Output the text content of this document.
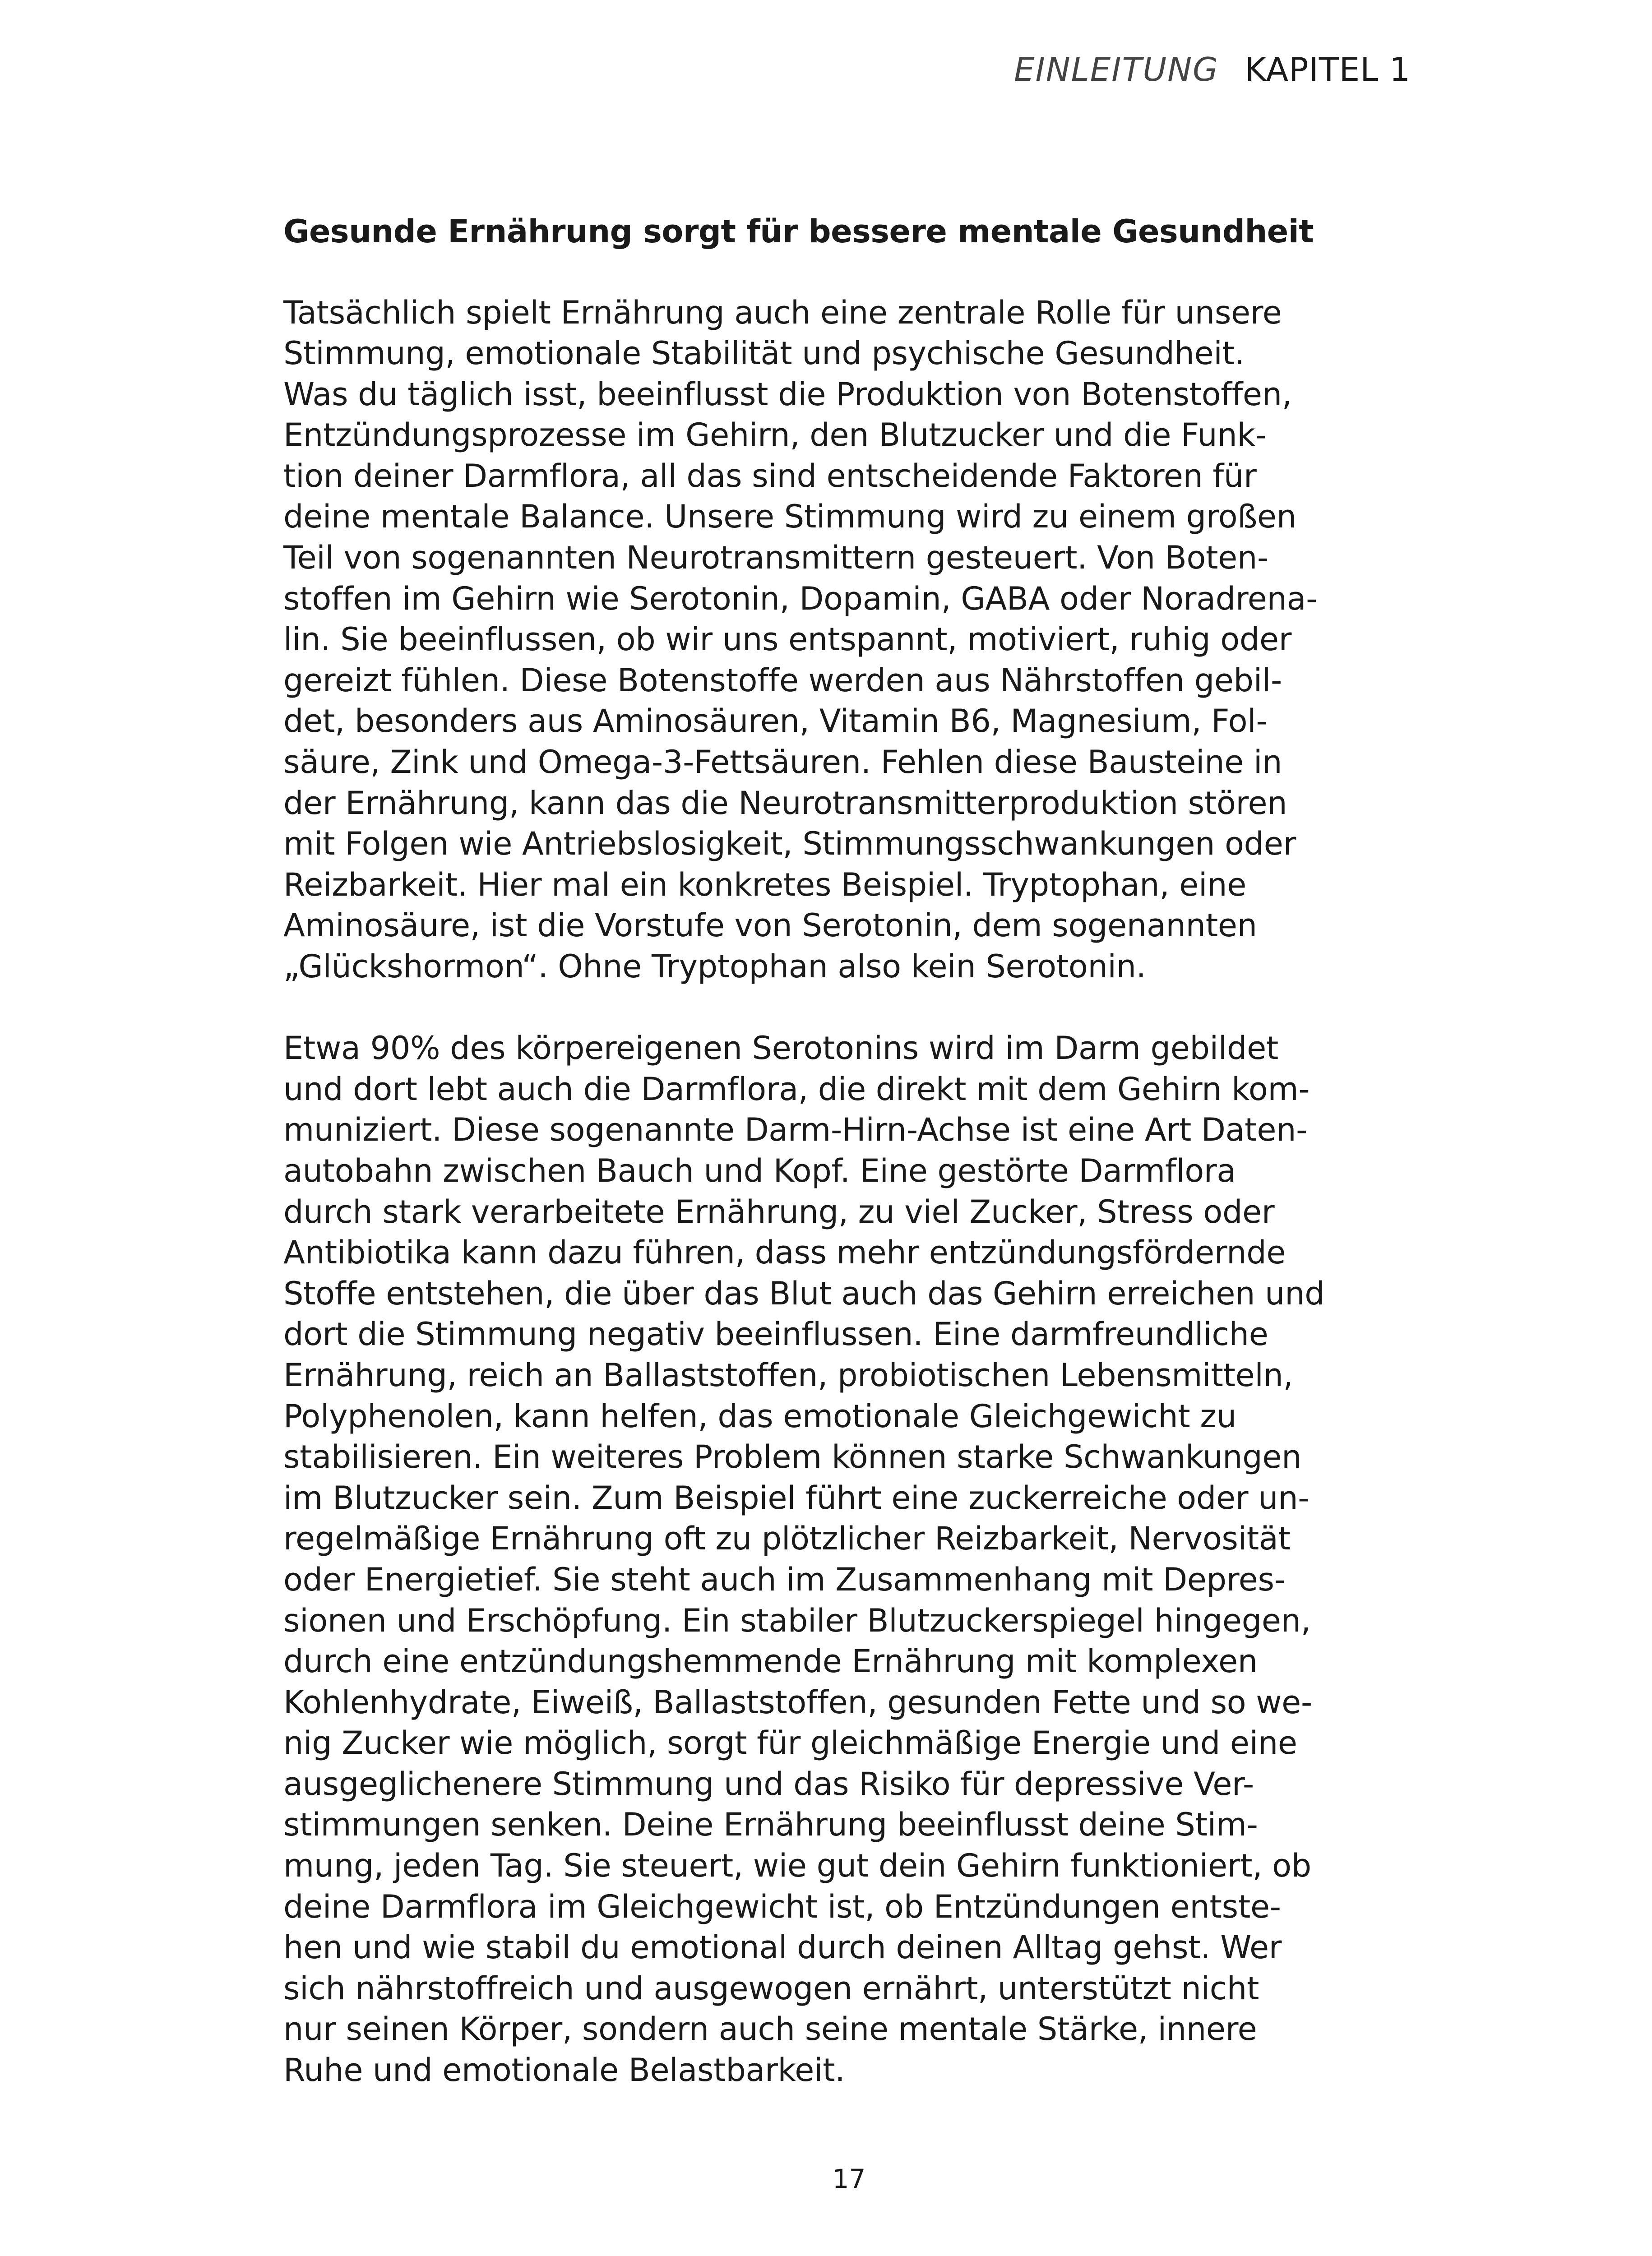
EINLEITUNG KAPITEL 1
Gesunde Ernährung sorgt für bessere mentale Gesundheit

Tatsächlich spielt Ernährung auch eine zentrale Rolle für unsere
Stimmung, emotionale Stabilität und psychische Gesundheit.
Was du täglich isst, beeinflusst die Produktion von Botenstoffen,
Entzündungsprozesse im Gehirn, den Blutzucker und die Funk-
tion deiner Darmflora, all das sind entscheidende Faktoren für
deine mentale Balance. Unsere Stimmung wird zu einem großen
Teil von sogenannten Neurotransmittern gesteuert. Von Boten-
stoffen im Gehirn wie Serotonin, Dopamin, GABA oder Noradrena-
lin. Sie beeinflussen, ob wir uns entspannt, motiviert, ruhig oder
gereizt fühlen. Diese Botenstoffe werden aus Nährstoffen gebil-
det, besonders aus Aminosäuren, Vitamin B6, Magnesium, Fol-
säure, Zink und Omega-3-Fettsäuren. Fehlen diese Bausteine in
der Ernährung, kann das die Neurotransmitterproduktion stören
mit Folgen wie Antriebslosigkeit, Stimmungsschwankungen oder
Reizbarkeit. Hier mal ein konkretes Beispiel. Tryptophan, eine
Aminosäure, ist die Vorstufe von Serotonin, dem sogenannten
„Glückshormon“. Ohne Tryptophan also kein Serotonin.

Etwa 90% des körpereigenen Serotonins wird im Darm gebildet
und dort lebt auch die Darmflora, die direkt mit dem Gehirn kom-
muniziert. Diese sogenannte Darm-Hirn-Achse ist eine Art Daten-
autobahn zwischen Bauch und Kopf. Eine gestörte Darmflora
durch stark verarbeitete Ernährung, zu viel Zucker, Stress oder
Antibiotika kann dazu führen, dass mehr entzündungsfördernde
Stoffe entstehen, die über das Blut auch das Gehirn erreichen und
dort die Stimmung negativ beeinflussen. Eine darmfreundliche
Ernährung, reich an Ballaststoffen, probiotischen Lebensmitteln,
Polyphenolen, kann helfen, das emotionale Gleichgewicht zu
stabilisieren. Ein weiteres Problem können starke Schwankungen
im Blutzucker sein. Zum Beispiel führt eine zuckerreiche oder un-
regelmäßige Ernährung oft zu plötzlicher Reizbarkeit, Nervosität
oder Energietief. Sie steht auch im Zusammenhang mit Depres-
sionen und Erschöpfung. Ein stabiler Blutzuckerspiegel hingegen,
durch eine entzündungshemmende Ernährung mit komplexen
Kohlenhydrate, Eiweiß, Ballaststoffen, gesunden Fette und so we-
nig Zucker wie möglich, sorgt für gleichmäßige Energie und eine
ausgeglichenere Stimmung und das Risiko für depressive Ver-
stimmungen senken. Deine Ernährung beeinflusst deine Stim-
mung, jeden Tag. Sie steuert, wie gut dein Gehirn funktioniert, ob
deine Darmflora im Gleichgewicht ist, ob Entzündungen entste-
hen und wie stabil du emotional durch deinen Alltag gehst. Wer
sich nährstoffreich und ausgewogen ernährt, unterstützt nicht
nur seinen Körper, sondern auch seine mentale Stärke, innere
Ruhe und emotionale Belastbarkeit.

17
